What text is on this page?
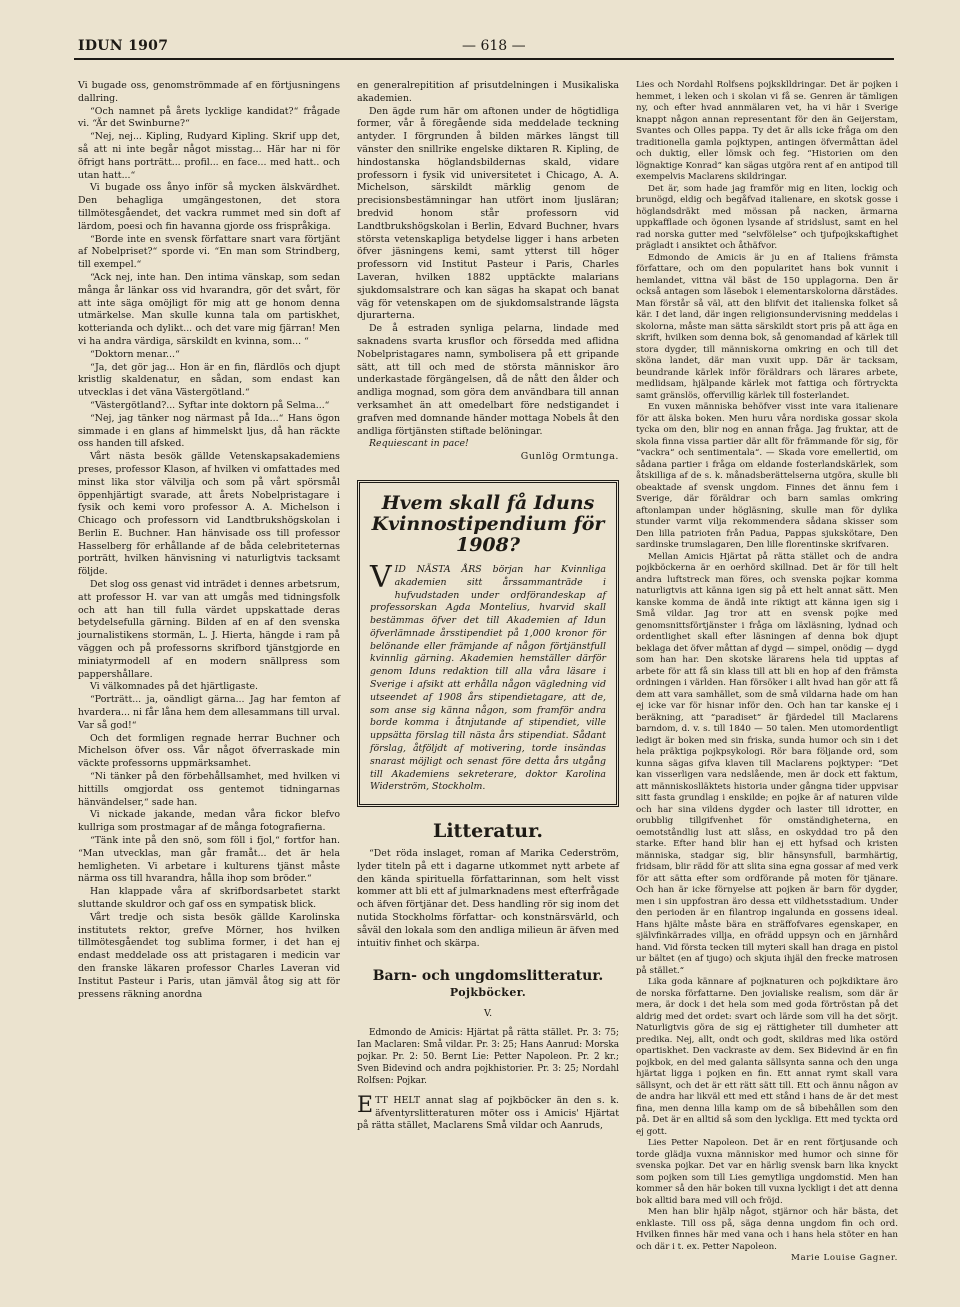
IDUN 1907	— 618 —

Vi bugade oss, genomströmmade af en förtjusningens dallring.

“Och namnet på årets lycklige kandidat?“ frågade vi. “Är det Swinburne?“

“Nej, nej... Kipling, Rudyard Kipling. Skrif upp det, så att ni inte begår något misstag... Här har ni för öfrigt hans porträtt... profil... en face... med hatt.. och utan hatt...“

Vi bugade oss ånyo inför så mycken älskvärdhet. Den behagliga umgängestonen, det stora tillmötesgåendet, det vackra rummet med sin doft af lärdom, poesi och fin havanna gjorde oss frispråkiga.

“Borde inte en svensk författare snart vara förtjänt af Nobelpriset?“ sporde vi. “En man som Strindberg, till exempel.“

“Ack nej, inte han. Den intima vänskap, som sedan många år länkar oss vid hvarandra, gör det svårt, för att inte säga omöjligt för mig att ge honom denna utmärkelse. Man skulle kunna tala om partiskhet, kotterianda och dylikt... och det vare mig fjärran! Men vi ha andra värdiga, särskildt en kvinna, som... “

“Doktorn menar...“

“Ja, det gör jag... Hon är en fin, flärdlös och djupt kristlig skaldenatur, en sådan, som endast kan utvecklas i det väna Västergötland.“

“Västergötland?... Syftar inte doktorn på Selma...“

“Nej, jag tänker nog närmast på Ida...“ Hans ögon simmade i en glans af himmelskt ljus, då han räckte oss handen till afsked.

Vårt nästa besök gällde Vetenskapsakademiens preses, professor Klason, af hvilken vi omfattades med minst lika stor välvilja och som på vårt spörsmål öppenhjärtigt svarade, att årets Nobelpristagare i fysik och kemi voro professor A. A. Michelson i Chicago och professorn vid Landtbrukshögskolan i Berlin E. Buchner. Han hänvisade oss till professor Hasselberg för erhållande af de båda celebriteternas porträtt, hvilken hänvisning vi naturligtvis tacksamt följde.

Det slog oss genast vid inträdet i dennes arbetsrum, att professor H. var van att umgås med tidningsfolk och att han till fulla värdet uppskattade deras betydelsefulla gärning. Bilden af en af den svenska journalistikens stormän, L. J. Hierta, hängde i ram på väggen och på professorns skrifbord tjänstgjorde en miniatyrmodell af en modern snällpress som pappershållare.

Vi välkomnades på det hjärtligaste.

“Porträtt... ja, oändligt gärna... Jag har femton af hvardera... ni får låna hem dem allesammans till urval. Var så god!“

Och det formligen regnade herrar Buchner och Michelson öfver oss. Vår något öfverraskade min väckte professorns uppmärksamhet.

“Ni tänker på den förbehållsamhet, med hvilken vi hittills omgjordat oss gentemot tidningarnas hänvändelser,“ sade han.

Vi nickade jakande, medan våra fickor blefvo kullriga som prostmagar af de många fotografierna.

“Tänk inte på den snö, som föll i fjol,“ fortfor han. “Man utvecklas, man går framåt... det är hela hemligheten. Vi arbetare i kulturens tjänst måste närma oss till hvarandra, hålla ihop som bröder.“

Han klappade våra af skrifbordsarbetet starkt sluttande skuldror och gaf oss en sympatisk blick.

Vårt tredje och sista besök gällde Karolinska institutets rektor, grefve Mörner, hos hvilken tillmötesgåendet tog sublima former, i det han ej endast meddelade oss att pristagaren i medicin var den franske läkaren professor Charles Laveran vid Institut Pasteur i Paris, utan jämväl åtog sig att för pressens räkning anordna

en generalrepitition af prisutdelningen i Musikaliska akademien.

Den ägde rum här om aftonen under de högtidliga former, vår å föregående sida meddelade teckning antyder. I förgrunden å bilden märkes längst till vänster den snillrike engelske diktaren R. Kipling, de hindostanska höglandsbildernas skald, vidare professorn i fysik vid universitetet i Chicago, A. A. Michelson, särskildt märklig genom de precisionsbestämningar han utfört inom ljusläran; bredvid honom står professorn vid Landtbrukshögskolan i Berlin, Edvard Buchner, hvars största vetenskapliga betydelse ligger i hans arbeten öfver jäsningens kemi, samt ytterst till höger professorn vid Institut Pasteur i Paris, Charles Laveran, hvilken 1882 upptäckte malarians sjukdomsalstrare och kan sägas ha skapat och banat väg för vetenskapen om de sjukdomsalstrande lägsta djurarterna.

De å estraden synliga pelarna, lindade med saknadens svarta krusflor och försedda med aflidna Nobelpristagares namn, symbolisera på ett gripande sätt, att till och med de största människor äro underkastade förgängelsen, då de nått den ålder och andliga mognad, som göra dem användbara till annan verksamhet än att omedelbart före nedstigandet i grafven med domnande händer mottaga Nobels åt den andliga förtjänsten stiftade belöningar.

Requiescant in pace!

Gunlög Ormtunga.

Hvem skall få Iduns Kvinnostipendium för 1908?
VID NÄSTA ÅRS början har Kvinnliga akademien sitt årssammanträde i hufvudstaden under ordförandeskap af professorskan Agda Montelius, hvarvid skall bestämmas öfver det till Akademien af Idun öfverlämnade årsstipendiet på 1,000 kronor för belönande eller främjande af någon förtjänstfull kvinnlig gärning. Akademien hemställer därför genom Iduns redaktion till alla våra läsare i Sverige i afsikt att erhålla någon vägledning vid utseendet af 1908 års stipendietagare, att de, som anse sig känna någon, som framför andra borde komma i åtnjutande af stipendiet, ville uppsätta förslag till nästa års stipendiat. Sådant förslag, åtföljdt af motivering, torde insändas snarast möjligt och senast före detta års utgång till Akademiens sekreterare, doktor Karolina Widerström, Stockholm.
Litteratur.

“Det röda inslaget, roman af Marika Cederström, lyder titeln på ett i dagarne utkommet nytt arbete af den kända spirituella författarinnan, som helt visst kommer att bli ett af julmarknadens mest efterfrågade och äfven förtjänar det. Dess handling rör sig inom det nutida Stockholms författar- och konstnärsvärld, och såväl den lokala som den andliga milieun är äfven med intuitiv finhet och skärpa.

Barn- och ungdomslitteratur.
Pojkböcker.
V.

Edmondo de Amicis: Hjärtat på rätta stället. Pr. 3: 75; Ian Maclaren: Små vildar. Pr. 3: 25; Hans Aanrud: Morska pojkar. Pr. 2: 50. Bernt Lie: Petter Napoleon. Pr. 2 kr.; Sven Bidevind och andra pojkhistorier. Pr. 3: 25; Nordahl Rolfsen: Pojkar.

ETT HELT annat slag af pojkböcker än den s. k. äfventyrslitteraturen möter oss i Amicis' Hjärtat på rätta stället, Maclarens Små vildar och Aanruds,

Lies och Nordahl Rolfsens pojksklldringar. Det är pojken i hemmet, i leken och i skolan vi få se. Genren är tämligen ny, och efter hvad annmälaren vet, ha vi här i Sverige knappt någon annan representant för den än Geijerstam, Svantes och Olles pappa. Ty det är alls icke fråga om den traditionella gamla pojktypen, antingen öfvermåttan ädel och duktig, eller lömsk och feg. “Historien om den lögnaktige Konrad“ kan sägas utgöra rent af en antipod till exempelvis Maclarens skildringar.

Det är, som hade jag framför mig en liten, lockig och brunögd, eldig och begåfvad italienare, en skotsk gosse i höglandsdräkt med mössan på nacken, ärmarna uppkafflade och ögonen lysande af stridslust, samt en hel rad norska gutter med “selvfölelse“ och tjufpojkskaftighet prägladt i ansiktet och åthäfvor.

Edmondo de Amicis är ju en af Italiens främsta författare, och om den popularitet hans bok vunnit i hemlandet, vittna väl bäst de 150 upplagorna. Den är också antagen som läsebok i elementarskolorna därstädes. Man förstår så väl, att den blifvit det italienska folket så kär. I det land, där ingen religionsundervisning meddelas i skolorna, måste man sätta särskildt stort pris på att äga en skrift, hvilken som denna bok, så genomandad af kärlek till stora dygder, till människorna omkring en och till det sköna landet, där man vuxit upp. Där är tacksam, beundrande kärlek inför föräldrars och lärares arbete, medlidsam, hjälpande kärlek mot fattiga och förtryckta samt gränslös, offervillig kärlek till fosterlandet.

En vuxen människa behöfver visst inte vara italienare för att älska boken. Men huru våra nordiska gossar skola tycka om den, blir nog en annan fråga. Jag fruktar, att de skola finna vissa partier där allt för främmande för sig, för “vackra“ och sentimentala“. — Skada vore emellertid, om sådana partier i fråga om eldande fosterlandskärlek, som åtskilliga af de s. k. månadsberättelserna utgöra, skulle bli obeaktade af svensk ungdom. Finnes det ännu fem i Sverige, där föräldrar och barn samlas omkring aftonlampan under högläsning, skulle man för dylika stunder varmt vilja rekommendera sådana skisser som Den lilla patrioten från Padua, Pappas sjukskötare, Den sardinske trumslagaren, Den lille florentinske skrifvaren.

Mellan Amicis Hjärtat på rätta stället och de andra pojkböckerna är en oerhörd skillnad. Det är för till helt andra luftstreck man föres, och svenska pojkar komma naturligtvis att känna igen sig på ett helt annat sätt. Men kanske komma de ändå inte riktigt att känna igen sig i Små vildar. Jag tror att en svensk pojke med genomsnittsförtjänster i fråga om läxläsning, lydnad och ordentlighet skall efter läsningen af denna bok djupt beklaga det öfver måttan af dygd — simpel, onödig — dygd som han har. Den skotske lärarens hela tid upptas af arbete för att få sin klass till att bli en hop af den främsta ordningen i världen. Han försöker i allt hvad han gör att få dem att vara samhället, som de små vildarna hade om han ej icke var för hisnar inför den. Och han tar kanske ej i beräkning, att “paradiset“ är fjärdedel till Maclarens barndom, d. v. s. till 1840 — 50 talen. Men utomordentligt ledigt är boken med sin friska, sunda humor och sin i det hela präktiga pojkpsykologi. Rör bara följande ord, som kunna sägas gifva klaven till Maclarens pojktyper: “Det kan visserligen vara nedslående, men är dock ett faktum, att människoslläktets historia under gångna tider uppvisar sitt fasta grundlag i enskilde; en pojke är af naturen vilde och har sina vildens dygder och laster till idrotter, en orubblig tillgifvenhet för omständigheterna, en oemotståndlig lust att slåss, en oskyddad tro på den starke. Efter hand blir han ej ett hyfsad och kristen människa, stadgar sig, blir hänsynsfull, barmhärtig, fridsam, blir rädd för att slita sina egna gossar af med verk för att sätta efter som ordförande på moten för tjänare. Och han är icke förnyelse att pojken är barn för dygder, men i sin uppfostran äro dessa ett vildhetsstadium. Under den perioden är en filantrop ingalunda en gossens ideal. Hans hjälte måste bära en sträffofvares egenskaper, en självfinkärrades villja, en ofrädd uppsyn och en järnhård hand. Vid första tecken till myteri skall han draga en pistol ur bältet (en af tjugo) och skjuta ihjäl den frecke matrosen på stället.“

Lika goda kännare af pojknaturen och pojkdiktare äro de norska författarne. Den jovialiske realism, som där är mera, är dock i det hela som med goda förtröstan på det aldrig med det ordet: svart och lärde som vill ha det sörjt. Naturligtvis göra de sig ej rättigheter till dumheter att predika. Nej, allt, ondt och godt, skildras med lika ostörd opartiskhet. Den vackraste av dem. Sex Bidevind är en fin pojkbok, en del med galanta sällsynta sanna och den unga hjärtat ligga i pojken en fin. Ett annat rymt skall vara sällsynt, och det är ett rätt sätt till. Ett och ännu någon av de andra har likväl ett med ett stånd i hans de är det mest fina, men denna lilla kamp om de så bibehållen som den på. Det är en alltid så som den lyckliga. Ett med tyckta ord ej gott.

Lies Petter Napoleon. Det är en rent förtjusande och torde glädja vuxna människor med humor och sinne för svenska pojkar. Det var en härlig svensk barn lika knyckt som pojken som till Lies gemytliga ungdomstid. Men han kommer så den här boken till vuxna lyckligt i det att denna bok alltid bara med vill och fröjd.

Men han blir hjälp något, stjärnor och här bästa, det enklaste. Till oss på, säga denna ungdom fin och ord. Hvilken finnes här med vana och i hans hela stöter en han och där i t. ex. Petter Napoleon.

Marie Louise Gagner.
